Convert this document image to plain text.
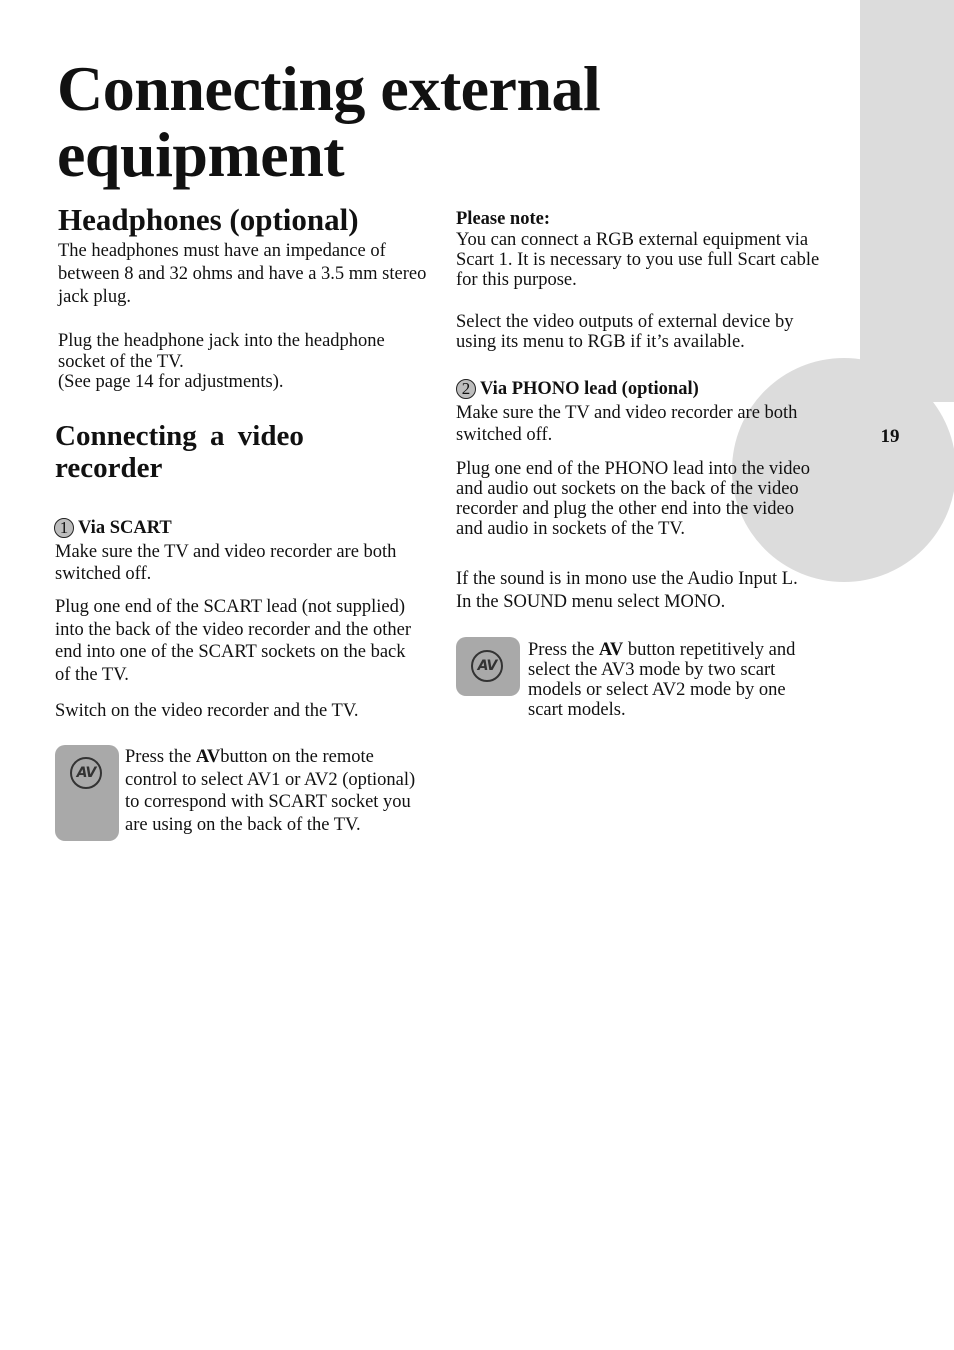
19
Connecting external equipment
Headphones (optional)

The headphones must have an impedance of between 8 and 32 ohms and have a 3.5 mm stereo jack plug.

Plug the headphone jack into the headphone socket of the TV.

(See page 14 for adjustments).

Connecting a video recorder
1 Via SCART

Make sure the TV and video recorder are both switched off.

Plug one end of the SCART lead (not supplied) into the back of the video recorder and the other end into one of the SCART sockets on the back of the TV.

Switch on the video recorder and the TV.

AV

Press the AVbutton on the remote control to select AV1 or AV2 (optional) to correspond with SCART socket you are using on the back of the TV.

Please note:

You can connect a RGB external equipment via Scart 1. It is necessary to you use full Scart cable for this purpose.

Select the video outputs of external device by using its menu to RGB if it’s available.

2 Via PHONO lead (optional)

Make sure the TV and video recorder are both switched off.

Plug one end of the PHONO lead into the video and audio out sockets on the back of the video recorder and plug the other end into the video and audio in sockets of the TV.

If the sound is in mono use the Audio Input L. In the SOUND menu select MONO.

AV

Press the AV button repetitively and select the AV3 mode by two scart models or select AV2 mode by one scart models.
